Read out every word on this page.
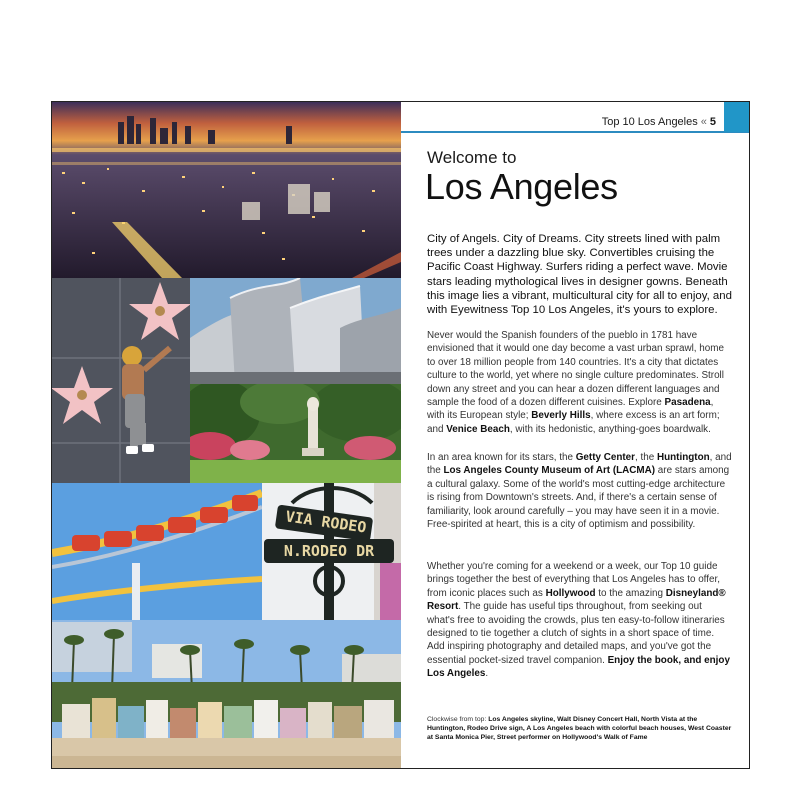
VIA RODEO
N.RODEO DR
Top 10 Los Angeles « 5
Welcome to
Los Angeles

City of Angels. City of Dreams. City streets lined with palm trees under a dazzling blue sky. Convertibles cruising the Pacific Coast Highway. Surfers riding a perfect wave. Movie stars leading mythological lives in designer gowns. Beneath this image lies a vibrant, multicultural city for all to enjoy, and with Eyewitness Top 10 Los Angeles, it's yours to explore.

Never would the Spanish founders of the pueblo in 1781 have envisioned that it would one day become a vast urban sprawl, home to over 18 million people from 140 countries. It's a city that dictates culture to the world, yet where no single culture predominates. Stroll down any street and you can hear a dozen different languages and sample the food of a dozen different cuisines. Explore Pasadena, with its European style; Beverly Hills, where excess is an art form; and Venice Beach, with its hedonistic, anything-goes boardwalk.

In an area known for its stars, the Getty Center, the Huntington, and the Los Angeles County Museum of Art (LACMA) are stars among a cultural galaxy. Some of the world's most cutting-edge architecture is rising from Downtown's streets. And, if there's a certain sense of familiarity, look around carefully – you may have seen it in a movie. Free-spirited at heart, this is a city of optimism and possibility.

Whether you're coming for a weekend or a week, our Top 10 guide brings together the best of everything that Los Angeles has to offer, from iconic places such as Hollywood to the amazing Disneyland® Resort. The guide has useful tips throughout, from seeking out what's free to avoiding the crowds, plus ten easy-to-follow itineraries designed to tie together a clutch of sights in a short space of time. Add inspiring photography and detailed maps, and you've got the essential pocket-sized travel companion. Enjoy the book, and enjoy Los Angeles.

Clockwise from top: Los Angeles skyline, Walt Disney Concert Hall, North Vista at the Huntington, Rodeo Drive sign, A Los Angeles beach with colorful beach houses, West Coaster at Santa Monica Pier, Street performer on Hollywood's Walk of Fame
